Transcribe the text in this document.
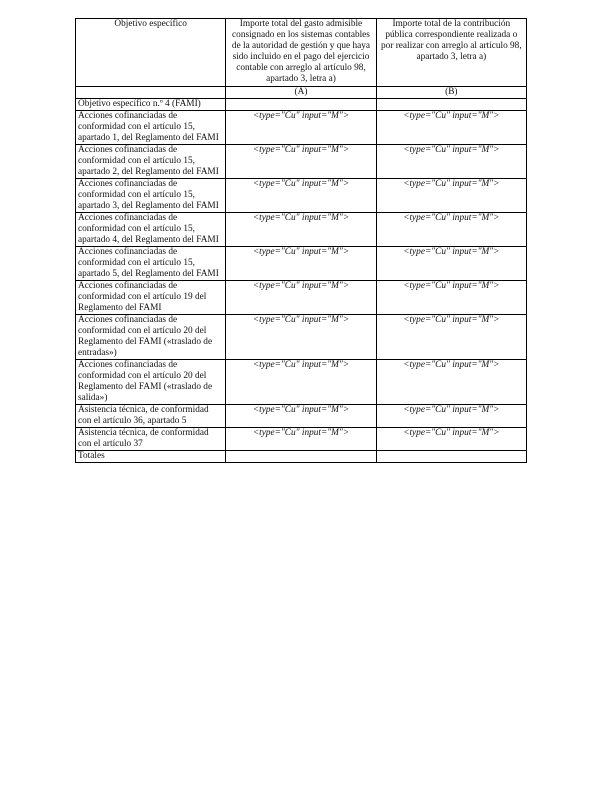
Objetivo específico	Importe total del gasto admisible consignado en los sistemas contables de la autoridad de gestión y que haya sido incluido en el pago del ejercicio contable con arreglo al artículo 98, apartado 3, letra a)	Importe total de la contribución pública correspondiente realizada o por realizar con arreglo al artículo 98, apartado 3, letra a)
	(A)	(B)
Objetivo específico n.º 4 (FAMI)		
Acciones cofinanciadas de conformidad con el artículo 15, apartado 1, del Reglamento del FAMI	<type="Cu" input="M">	<type="Cu" input="M">

Acciones cofinanciadas de conformidad con el artículo 15, apartado 2, del Reglamento del FAMI	<type="Cu" input="M">	<type="Cu" input="M">

Acciones cofinanciadas de conformidad con el artículo 15, apartado 3, del Reglamento del FAMI	<type="Cu" input="M">	<type="Cu" input="M">

Acciones cofinanciadas de conformidad con el artículo 15, apartado 4, del Reglamento del FAMI	<type="Cu" input="M">	<type="Cu" input="M">

Acciones cofinanciadas de conformidad con el artículo 15, apartado 5, del Reglamento del FAMI	<type="Cu" input="M">	<type="Cu" input="M">

Acciones cofinanciadas de conformidad con el artículo 19 del Reglamento del FAMI	<type="Cu" input="M">	<type="Cu" input="M">

Acciones cofinanciadas de conformidad con el artículo 20 del Reglamento del FAMI («traslado de entradas»)	<type="Cu" input="M">	<type="Cu" input="M">

Acciones cofinanciadas de conformidad con el artículo 20 del Reglamento del FAMI («traslado de salida»)	<type="Cu" input="M">	<type="Cu" input="M">

Asistencia técnica, de conformidad con el artículo 36, apartado 5	<type="Cu" input="M">	<type="Cu" input="M">

Asistencia técnica, de conformidad con el artículo 37	<type="Cu" input="M">	<type="Cu" input="M">

Totales		
